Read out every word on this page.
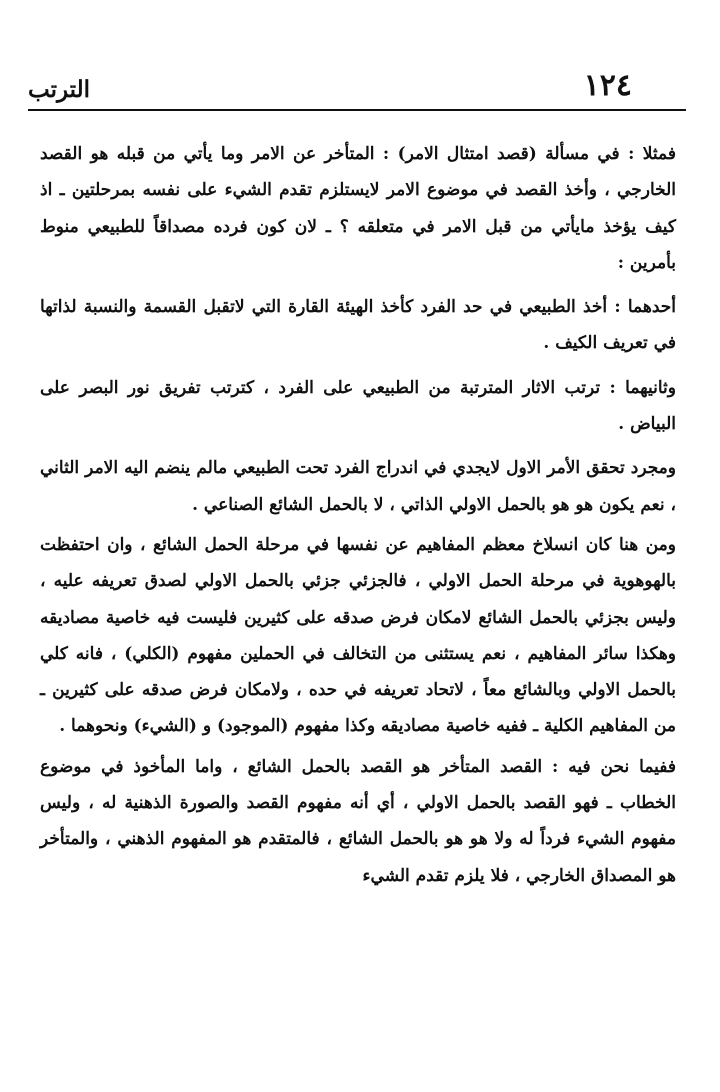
الترتب	١٢٤

فمثلا : في مسألة (قصد امتثال الامر) : المتأخر عن الامر وما يأتي من قبله هو القصد الخارجي ، وأخذ القصد في موضوع الامر لايستلزم تقدم الشيء على نفسه بمرحلتين ـ اذ كيف يؤخذ مايأتي من قبل الامر في متعلقه ؟ ـ لان كون فرده مصداقاً للطبيعي منوط بأمرين :

أحدهما : أخذ الطبيعي في حد الفرد كأخذ الهيئة القارة التي لاتقبل القسمة والنسبة لذاتها في تعريف الكيف .

وثانيهما : ترتب الاثار المترتبة من الطبيعي على الفرد ، كترتب تفريق نور البصر على البياض .

ومجرد تحقق الأمر الاول لايجدي في اندراج الفرد تحت الطبيعي مالم ينضم اليه الامر الثاني ، نعم يكون هو هو بالحمل الاولي الذاتي ، لا بالحمل الشائع الصناعي .

ومن هنا كان انسلاخ معظم المفاهيم عن نفسها في مرحلة الحمل الشائع ، وان احتفظت بالهوهوية في مرحلة الحمل الاولي ، فالجزئي جزئي بالحمل الاولي لصدق تعريفه عليه ، وليس بجزئي بالحمل الشائع لامكان فرض صدقه على كثيرين فليست فيه خاصية مصاديقه وهكذا سائر المفاهيم ، نعم يستثنى من التخالف في الحملين مفهوم (الكلي) ، فانه كلي بالحمل الاولي وبالشائع معاً ، لاتحاد تعريفه في حده ، ولامكان فرض صدقه على كثيرين ـ من المفاهيم الكلية ـ ففيه خاصية مصاديقه وكذا مفهوم (الموجود) و (الشيء) ونحوهما .

ففيما نحن فيه : القصد المتأخر هو القصد بالحمل الشائع ، واما المأخوذ في موضوع الخطاب ـ فهو القصد بالحمل الاولي ، أي أنه مفهوم القصد والصورة الذهنية له ، وليس مفهوم الشيء فرداً له ولا هو هو بالحمل الشائع ، فالمتقدم هو المفهوم الذهني ، والمتأخر هو المصداق الخارجي ، فلا يلزم تقدم الشيء
